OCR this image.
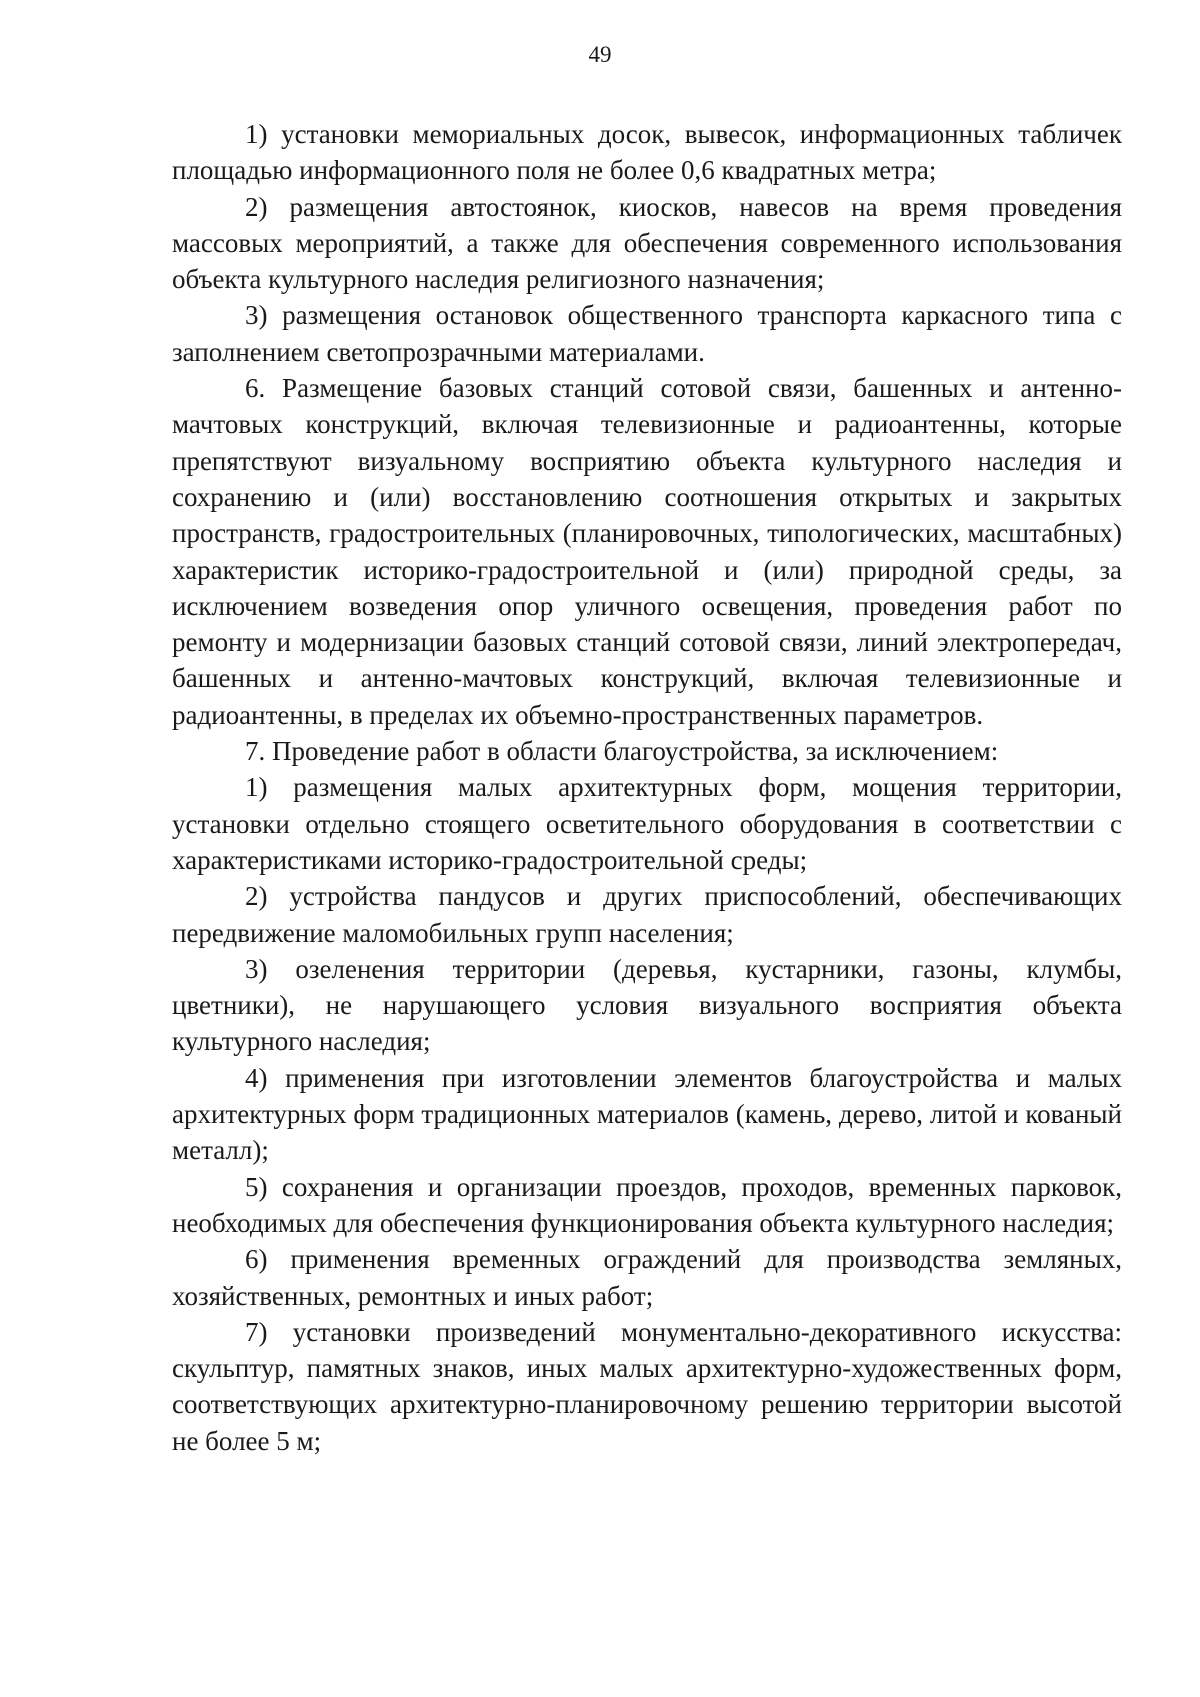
49

1) установки мемориальных досок, вывесок, информационных табличек площадью информационного поля не более 0,6 квадратных метра;

2) размещения автостоянок, киосков, навесов на время проведения массовых мероприятий, а также для обеспечения современного использования объекта культурного наследия религиозного назначения;

3) размещения остановок общественного транспорта каркасного типа с заполнением светопрозрачными материалами.

6. Размещение базовых станций сотовой связи, башенных и антенно-мачтовых конструкций, включая телевизионные и радиоантенны, которые препятствуют визуальному восприятию объекта культурного наследия и сохранению и (или) восстановлению соотношения открытых и закрытых пространств, градостроительных (планировочных, типологических, масштабных) характеристик историко-градостроительной и (или) природной среды, за исключением возведения опор уличного освещения, проведения работ по ремонту и модернизации базовых станций сотовой связи, линий электропередач, башенных и антенно-мачтовых конструкций, включая телевизионные и радиоантенны, в пределах их объемно-пространственных параметров.

7. Проведение работ в области благоустройства, за исключением:

1) размещения малых архитектурных форм, мощения территории, установки отдельно стоящего осветительного оборудования в соответствии с характеристиками историко-градостроительной среды;

2) устройства пандусов и других приспособлений, обеспечивающих передвижение маломобильных групп населения;

3) озеленения территории (деревья, кустарники, газоны, клумбы, цветники), не нарушающего условия визуального восприятия объекта культурного наследия;

4) применения при изготовлении элементов благоустройства и малых архитектурных форм традиционных материалов (камень, дерево, литой и кованый металл);

5) сохранения и организации проездов, проходов, временных парковок, необходимых для обеспечения функционирования объекта культурного наследия;

6) применения временных ограждений для производства земляных, хозяйственных, ремонтных и иных работ;

7) установки произведений монументально-декоративного искусства: скульптур, памятных знаков, иных малых архитектурно-художественных форм, соответствующих архитектурно-планировочному решению территории высотой не более 5 м;
